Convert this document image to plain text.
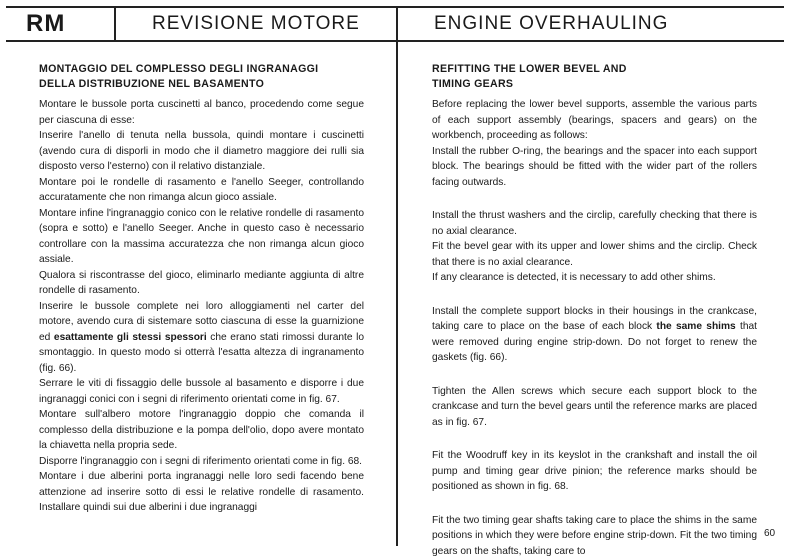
RM	REVISIONE MOTORE	ENGINE OVERHAULING
MONTAGGIO DEL COMPLESSO DEGLI INGRANAGGI
DELLA DISTRIBUZIONE NEL BASAMENTO
Montare le bussole porta cuscinetti al banco, procedendo come segue per ciascuna di esse:
Inserire l'anello di tenuta nella bussola, quindi montare i cuscinetti (avendo cura di disporli in modo che il diametro maggiore dei rulli sia disposto verso l'esterno) con il relativo distanziale.
Montare poi le rondelle di rasamento e l'anello Seeger, controllando accuratamente che non rimanga alcun gioco assiale.
Montare infine l'ingranaggio conico con le relative rondelle di rasamento (sopra e sotto) e l'anello Seeger. Anche in questo caso è necessario controllare con la massima accuratezza che non rimanga alcun gioco assiale.
Qualora si riscontrasse del gioco, eliminarlo mediante aggiunta di altre rondelle di rasamento.
Inserire le bussole complete nei loro alloggiamenti nel carter del motore, avendo cura di sistemare sotto ciascuna di esse la guarnizione ed esattamente gli stessi spessori che erano stati rimossi durante lo smontaggio. In questo modo si otterrà l'esatta altezza di ingranamento (fig. 66).
Serrare le viti di fissaggio delle bussole al basamento e disporre i due ingranaggi conici con i segni di riferimento orientati come in fig. 67.
Montare sull'albero motore l'ingranaggio doppio che comanda il complesso della distribuzione e la pompa dell'olio, dopo avere montato la chiavetta nella propria sede.
Disporre l'ingranaggio con i segni di riferimento orientati come in fig. 68.
Montare i due alberini porta ingranaggi nelle loro sedi facendo bene attenzione ad inserire sotto di essi le relative rondelle di rasamento. Installare quindi sui due alberini i due ingranaggi
REFITTING THE LOWER BEVEL AND
TIMING GEARS
Before replacing the lower bevel supports, assemble the various parts of each support assembly (bearings, spacers and gears) on the workbench, proceeding as follows:
Install the rubber O-ring, the bearings and the spacer into each support block. The bearings should be fitted with the wider part of the rollers facing outwards.
Install the thrust washers and the circlip, carefully checking that there is no axial clearance.
Fit the bevel gear with its upper and lower shims and the circlip. Check that there is no axial clearance.
If any clearance is detected, it is necessary to add other shims.
Install the complete support blocks in their housings in the crankcase, taking care to place on the base of each block the same shims that were removed during engine strip-down. Do not forget to renew the gaskets (fig. 66).
Tighten the Allen screws which secure each support block to the crankcase and turn the bevel gears until the reference marks are placed as in fig. 67.
Fit the Woodruff key in its keyslot in the crankshaft and install the oil pump and timing gear drive pinion; the reference marks should be positioned as shown in fig. 68.
Fit the two timing gear shafts taking care to place the shims in the same positions in which they were before engine strip-down. Fit the two timing gears on the shafts, taking care to
60
